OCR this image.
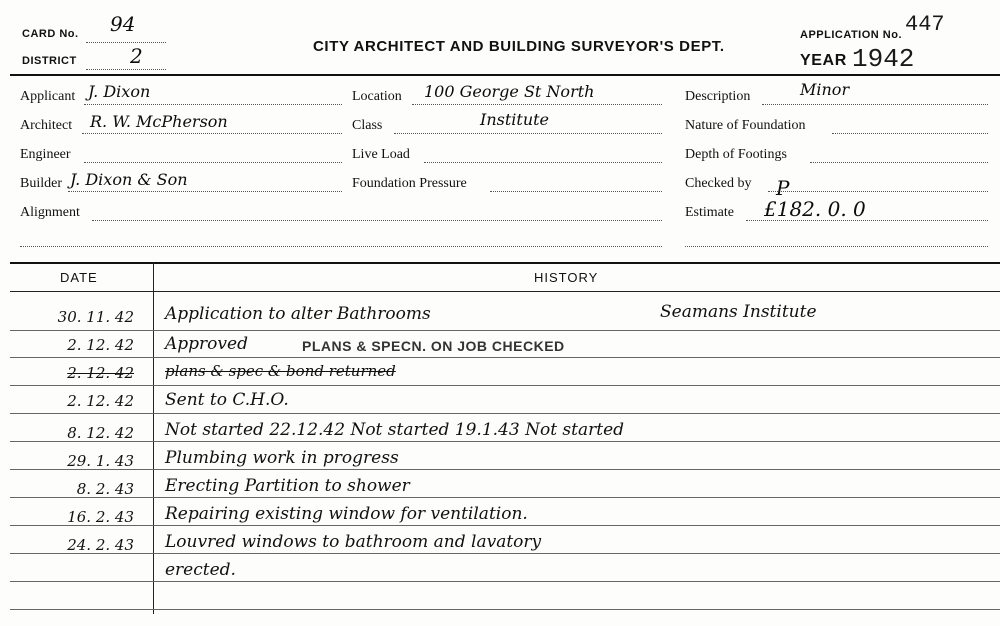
CARD No. 94
DISTRICT	2	CITY ARCHITECT AND BUILDING SURVEYOR'S DEPT.
APPLICATION No. 447
YEAR 1942
Applicant J. Dixon
Architect R. W. McPherson
Engineer
Builder J. Dixon & Son
Alignment
Location 100 George St North
Class	Institute
Live Load
Foundation Pressure
Description	Minor
Nature of Foundation
Depth of Footings
Checked by P
Estimate £182. 0. 0
DATE	HISTORY
30. 11. 42 Application to alter Bathrooms	Seamans Institute
2. 12. 42 Approved	PLANS & SPECN. ON JOB CHECKED
2. 12. 42 plans & spec & bond returned
2. 12. 42 Sent to C.H.O.
8. 12. 42 Not started 22.12.42 Not started 19.1.43 Not started
29. 1. 43 Plumbing work in progress
8. 2. 43 Erecting Partition to shower
16. 2. 43 Repairing existing window for ventilation.
24. 2. 43 Louvred windows to bathroom and lavatory
erected.
